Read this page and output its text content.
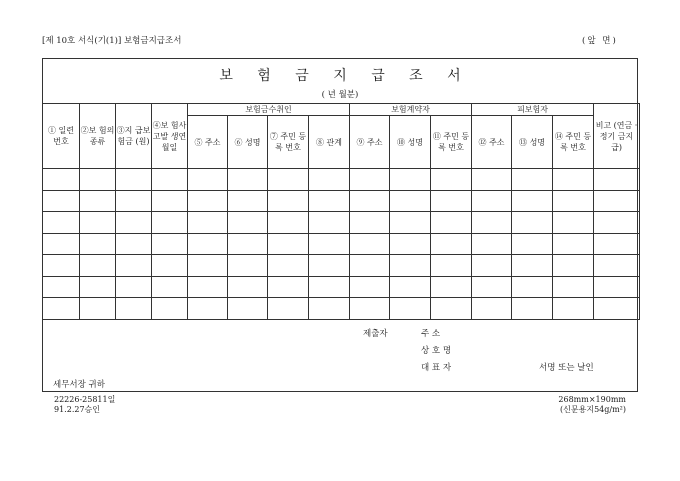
[제 10호 서식(기(1)] 보험금지급조서	(앞 면)
보 험 금 지 급 조 서
( 년 월분)
① 일련 번호	②보 험의 종류	③지 급보 험금 (원)	④보 험사 고발 생연 월일	보험금수취인				보험계약자			피보험자			비고 (연금 · 정기 금지 급)
				⑤ 주소	⑥ 성명	⑦ 주민 등록 번호	⑧ 관계	⑨ 주소	⑩ 성명	⑪ 주민 등록 번호	⑫ 주소	⑬ 성명	⑭ 주민 등록 번호	

제출자	주 소
상 호 명
대 표 자	서명 또는 날인
세무서장 귀하
22226-25811일
91.2.27승인
268mm×190mm
(신문용지54g/m²)
